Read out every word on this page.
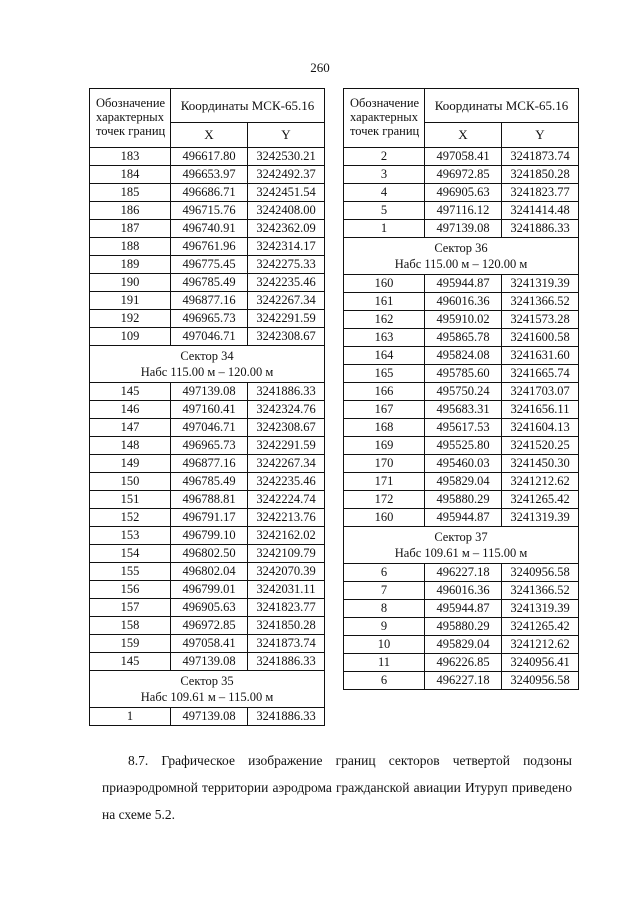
260
Обозначение характерных точек границ	Координаты МСК-65.16	
	X	Y
183	496617.80	3242530.21
184	496653.97	3242492.37
185	496686.71	3242451.54
186	496715.76	3242408.00
187	496740.91	3242362.09
188	496761.96	3242314.17
189	496775.45	3242275.33
190	496785.49	3242235.46
191	496877.16	3242267.34
192	496965.73	3242291.59
109	497046.71	3242308.67

Сектор 34
Набс 115.00 м – 120.00 м		

145	497139.08	3241886.33
146	497160.41	3242324.76
147	497046.71	3242308.67
148	496965.73	3242291.59
149	496877.16	3242267.34
150	496785.49	3242235.46
151	496788.81	3242224.74
152	496791.17	3242213.76
153	496799.10	3242162.02
154	496802.50	3242109.79
155	496802.04	3242070.39
156	496799.01	3242031.11
157	496905.63	3241823.77
158	496972.85	3241850.28
159	497058.41	3241873.74
145	497139.08	3241886.33

Сектор 35
Набс 109.61 м – 115.00 м		

1	497139.08	3241886.33
Обозначение характерных точек границ	Координаты МСК-65.16	
	X	Y
2	497058.41	3241873.74
3	496972.85	3241850.28
4	496905.63	3241823.77
5	497116.12	3241414.48
1	497139.08	3241886.33

Сектор 36
Набс 115.00 м – 120.00 м		

160	495944.87	3241319.39
161	496016.36	3241366.52
162	495910.02	3241573.28
163	495865.78	3241600.58
164	495824.08	3241631.60
165	495785.60	3241665.74
166	495750.24	3241703.07
167	495683.31	3241656.11
168	495617.53	3241604.13
169	495525.80	3241520.25
170	495460.03	3241450.30
171	495829.04	3241212.62
172	495880.29	3241265.42
160	495944.87	3241319.39

Сектор 37
Набс 109.61 м – 115.00 м		

6	496227.18	3240956.58
7	496016.36	3241366.52
8	495944.87	3241319.39
9	495880.29	3241265.42
10	495829.04	3241212.62
11	496226.85	3240956.41
6	496227.18	3240956.58

8.7. Графическое изображение границ секторов четвертой подзоны приаэродромной территории аэродрома гражданской авиации Итуруп приведено на схеме 5.2.
